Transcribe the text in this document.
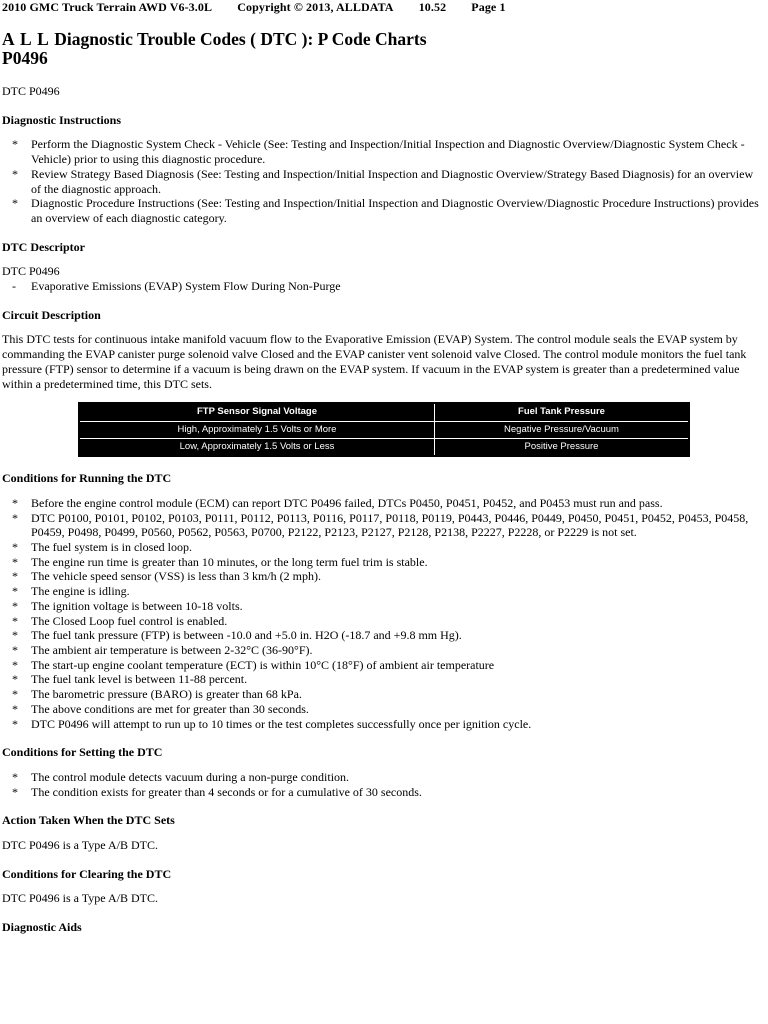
2010 GMC Truck Terrain AWD V6-3.0L Copyright © 2013, ALLDATA 10.52 Page 1
A L L Diagnostic Trouble Codes ( DTC ): P Code Charts
P0496

DTC P0496

Diagnostic Instructions
* Perform the Diagnostic System Check - Vehicle (See: Testing and Inspection/Initial Inspection and Diagnostic Overview/Diagnostic System Check - Vehicle) prior to using this diagnostic procedure.
* Review Strategy Based Diagnosis (See: Testing and Inspection/Initial Inspection and Diagnostic Overview/Strategy Based Diagnosis) for an overview of the diagnostic approach.
* Diagnostic Procedure Instructions (See: Testing and Inspection/Initial Inspection and Diagnostic Overview/Diagnostic Procedure Instructions) provides an overview of each diagnostic category.
DTC Descriptor

DTC P0496

- Evaporative Emissions (EVAP) System Flow During Non-Purge
Circuit Description

This DTC tests for continuous intake manifold vacuum flow to the Evaporative Emission (EVAP) System. The control module seals the EVAP system by commanding the EVAP canister purge solenoid valve Closed and the EVAP canister vent solenoid valve Closed. The control module monitors the fuel tank pressure (FTP) sensor to determine if a vacuum is being drawn on the EVAP system. If vacuum in the EVAP system is greater than a predetermined value within a predetermined time, this DTC sets.

FTP Sensor Signal Voltage	Fuel Tank Pressure
High, Approximately 1.5 Volts or More	Negative Pressure/Vacuum
Low, Approximately 1.5 Volts or Less	Positive Pressure
Conditions for Running the DTC
* Before the engine control module (ECM) can report DTC P0496 failed, DTCs P0450, P0451, P0452, and P0453 must run and pass.
* DTC P0100, P0101, P0102, P0103, P0111, P0112, P0113, P0116, P0117, P0118, P0119, P0443, P0446, P0449, P0450, P0451, P0452, P0453, P0458, P0459, P0498, P0499, P0560, P0562, P0563, P0700, P2122, P2123, P2127, P2128, P2138, P2227, P2228, or P2229 is not set.
* The fuel system is in closed loop.
* The engine run time is greater than 10 minutes, or the long term fuel trim is stable.
* The vehicle speed sensor (VSS) is less than 3 km/h (2 mph).
* The engine is idling.
* The ignition voltage is between 10-18 volts.
* The Closed Loop fuel control is enabled.
* The fuel tank pressure (FTP) is between -10.0 and +5.0 in. H2O (-18.7 and +9.8 mm Hg).
* The ambient air temperature is between 2-32°C (36-90°F).
* The start-up engine coolant temperature (ECT) is within 10°C (18°F) of ambient air temperature
* The fuel tank level is between 11-88 percent.
* The barometric pressure (BARO) is greater than 68 kPa.
* The above conditions are met for greater than 30 seconds.
* DTC P0496 will attempt to run up to 10 times or the test completes successfully once per ignition cycle.
Conditions for Setting the DTC
* The control module detects vacuum during a non-purge condition.
* The condition exists for greater than 4 seconds or for a cumulative of 30 seconds.
Action Taken When the DTC Sets

DTC P0496 is a Type A/B DTC.

Conditions for Clearing the DTC

DTC P0496 is a Type A/B DTC.

Diagnostic Aids
